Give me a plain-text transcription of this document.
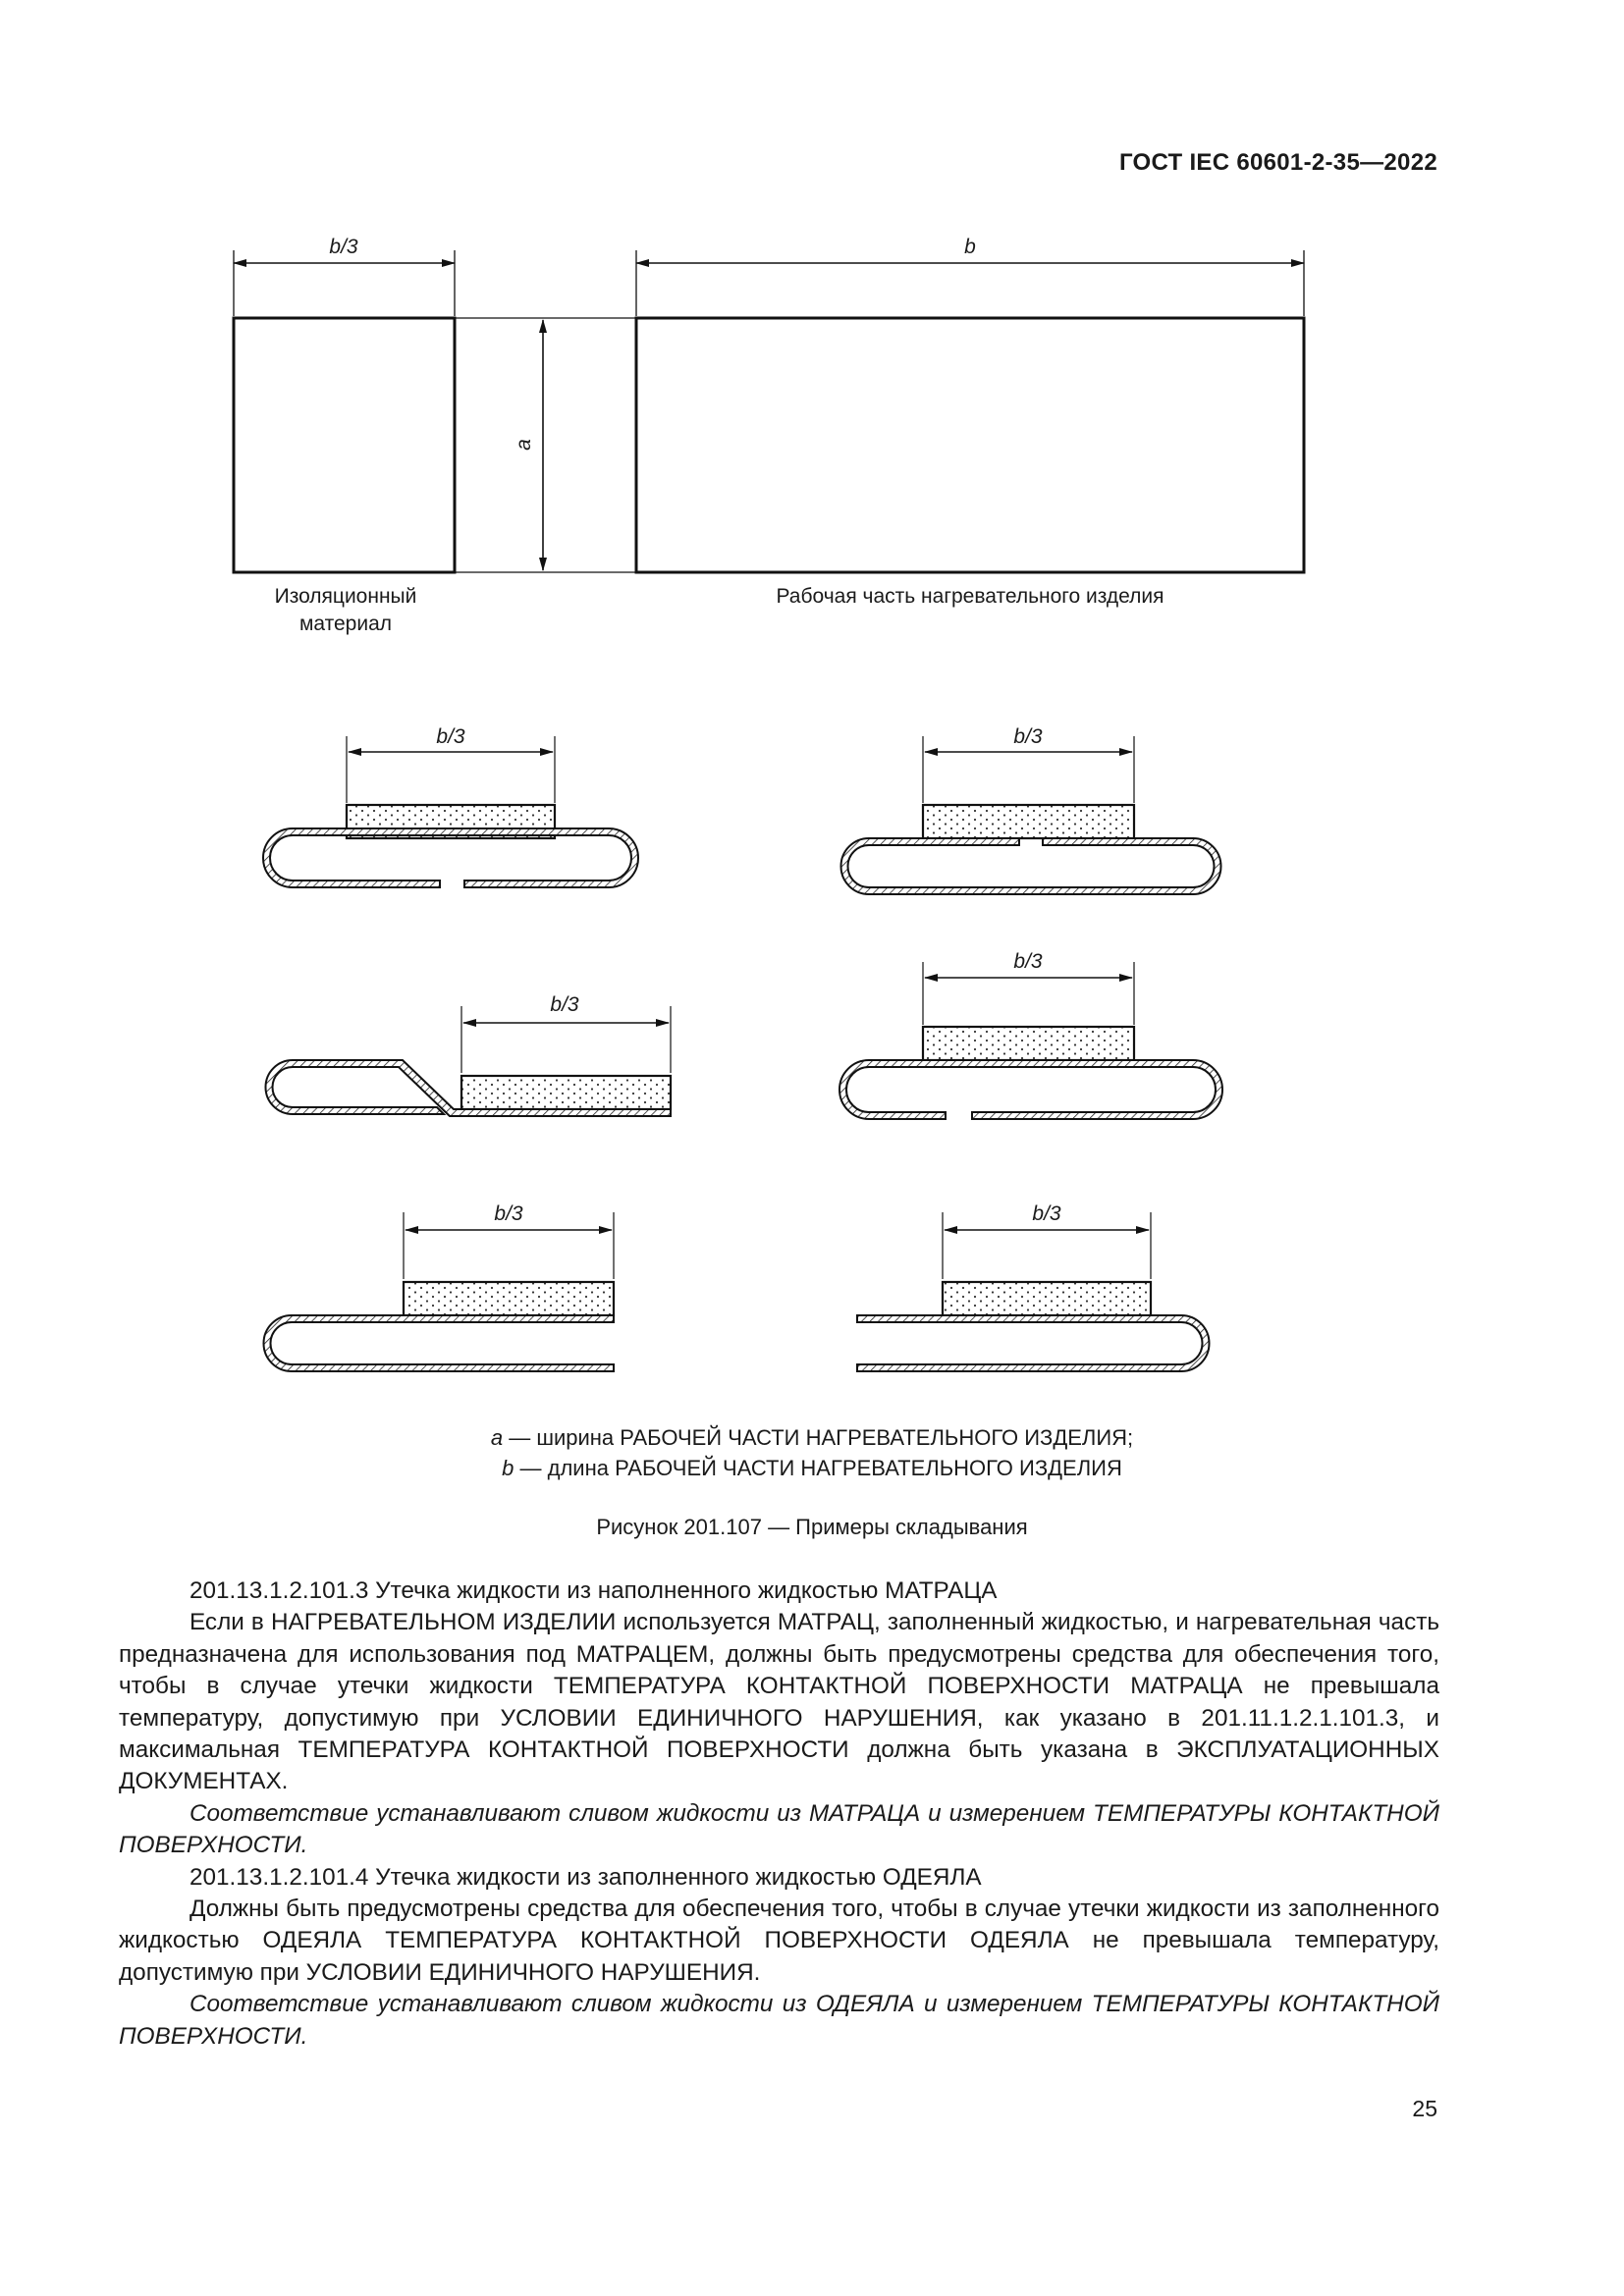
ГОСТ IEC 60601-2-35—2022
b/3	b
a
Изоляционный
материал
Рабочая часть нагревательного изделия
b/3	b/3
b/3
b/3
b/3	b/3
a — ширина РАБОЧЕЙ ЧАСТИ НАГРЕВАТЕЛЬНОГО ИЗДЕЛИЯ;
b — длина РАБОЧЕЙ ЧАСТИ НАГРЕВАТЕЛЬНОГО ИЗДЕЛИЯ
Рисунок 201.107 — Примеры складывания

201.13.1.2.101.3 Утечка жидкости из наполненного жидкостью МАТРАЦА

Если в НАГРЕВАТЕЛЬНОМ ИЗДЕЛИИ используется МАТРАЦ, заполненный жидкостью, и нагревательная часть предназначена для использования под МАТРАЦЕМ, должны быть предусмотрены средства для обеспечения того, чтобы в случае утечки жидкости ТЕМПЕРАТУРА КОНТАКТНОЙ ПОВЕРХНОСТИ МАТРАЦА не превышала температуру, допустимую при УСЛОВИИ ЕДИНИЧНОГО НАРУШЕНИЯ, как указано в 201.11.1.2.1.101.3, и максимальная ТЕМПЕРАТУРА КОНТАКТНОЙ ПОВЕРХНОСТИ должна быть указана в ЭКСПЛУАТАЦИОННЫХ ДОКУМЕНТАХ.

Соответствие устанавливают сливом жидкости из МАТРАЦА и измерением ТЕМПЕРАТУРЫ КОНТАКТНОЙ ПОВЕРХНОСТИ.

201.13.1.2.101.4 Утечка жидкости из заполненного жидкостью ОДЕЯЛА

Должны быть предусмотрены средства для обеспечения того, чтобы в случае утечки жидкости из заполненного жидкостью ОДЕЯЛА ТЕМПЕРАТУРА КОНТАКТНОЙ ПОВЕРХНОСТИ ОДЕЯЛА не превышала температуру, допустимую при УСЛОВИИ ЕДИНИЧНОГО НАРУШЕНИЯ.

Соответствие устанавливают сливом жидкости из ОДЕЯЛА и измерением ТЕМПЕРАТУРЫ КОНТАКТНОЙ ПОВЕРХНОСТИ.

25
